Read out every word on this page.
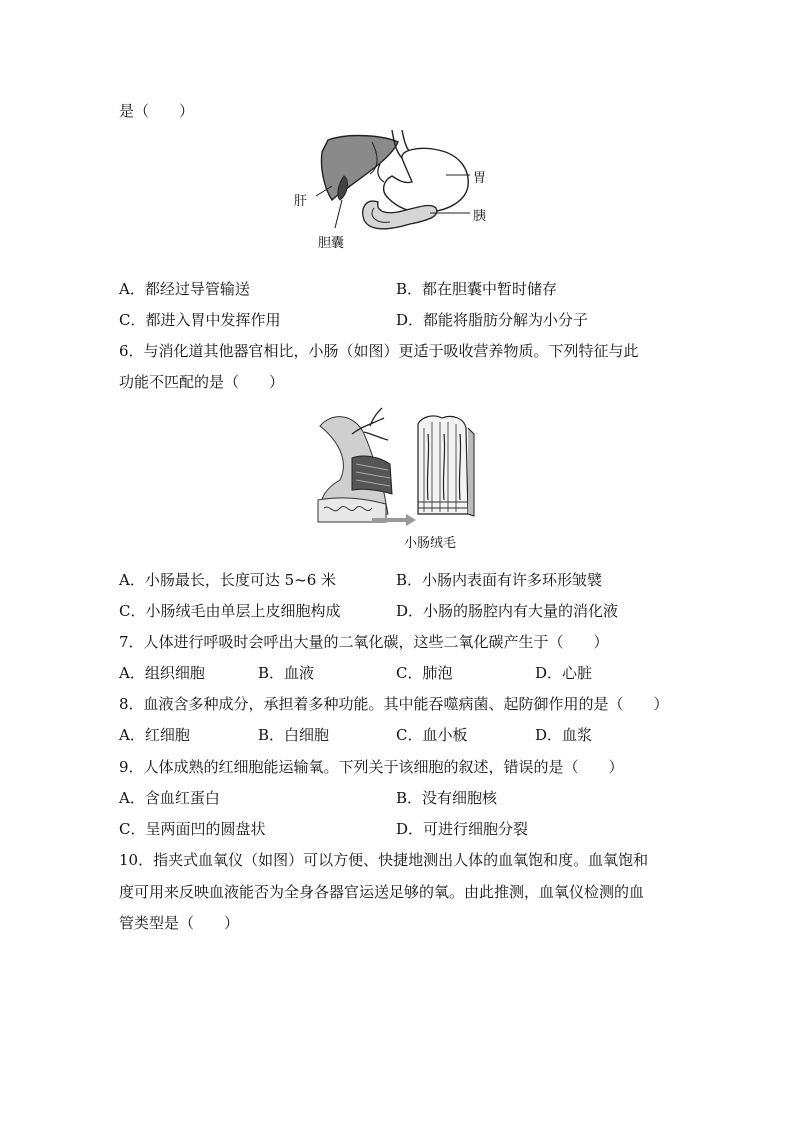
是（　　）
胃
肝
胰
胆囊
A．都经过导管输送	B．都在胆囊中暂时储存
C．都进入胃中发挥作用	D．都能将脂肪分解为小分子
6．与消化道其他器官相比，小肠（如图）更适于吸收营养物质。下列特征与此
功能不匹配的是（　　）
小肠绒毛
A．小肠最长，长度可达 5~6 米	B．小肠内表面有许多环形皱襞
C．小肠绒毛由单层上皮细胞构成	D．小肠的肠腔内有大量的消化液
7．人体进行呼吸时会呼出大量的二氧化碳，这些二氧化碳产生于（　　）
A．组织细胞	B．血液	C．肺泡	D．心脏
8．血液含多种成分，承担着多种功能。其中能吞噬病菌、起防御作用的是（　　）
A．红细胞	B．白细胞	C．血小板	D．血浆
9．人体成熟的红细胞能运输氧。下列关于该细胞的叙述，错误的是（　　）
A．含血红蛋白	B．没有细胞核
C．呈两面凹的圆盘状	D．可进行细胞分裂
10．指夹式血氧仪（如图）可以方便、快捷地测出人体的血氧饱和度。血氧饱和
度可用来反映血液能否为全身各器官运送足够的氧。由此推测，血氧仪检测的血
管类型是（　　）
